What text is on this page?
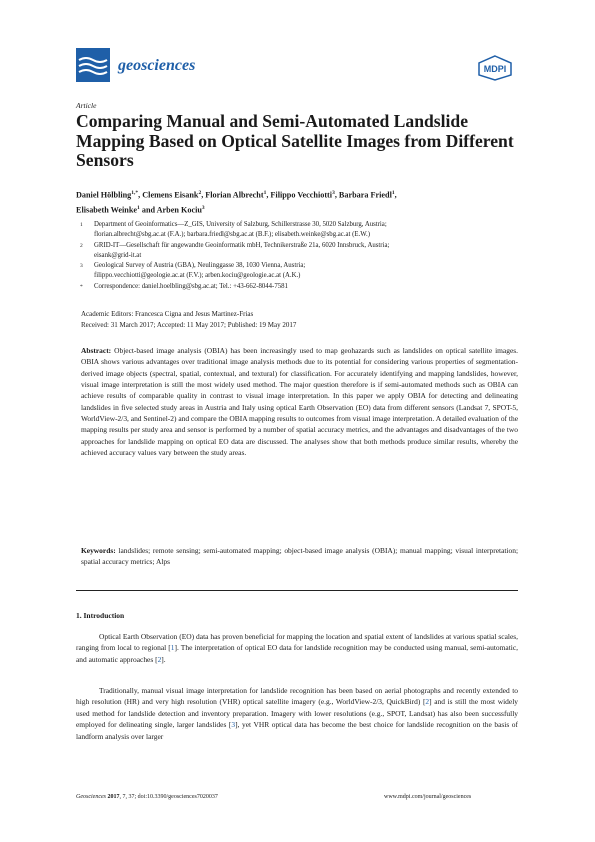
geosciences	MDPI
Article
Comparing Manual and Semi-Automated Landslide Mapping Based on Optical Satellite Images from Different Sensors
Daniel Hölbling$^{1,*}$, Clemens Eisank$^2$, Florian Albrecht$^1$, Filippo Vecchiotti$^3$, Barbara Friedl$^1$,
Elisabeth Weinke$^1$ and Arben Kociu$^3$
1 Department of Geoinformatics—Z_GIS, University of Salzburg, Schillerstrasse 30, 5020 Salzburg, Austria;
florian.albrecht@sbg.ac.at (F.A.); barbara.friedl@sbg.ac.at (B.F.); elisabeth.weinke@sbg.ac.at (E.W.)
2 GRID-IT—Gesellschaft für angewandte Geoinformatik mbH, Technikerstraße 21a, 6020 Innsbruck, Austria;
eisank@grid-it.at
3 Geological Survey of Austria (GBA), Neulinggasse 38, 1030 Vienna, Austria;
filippo.vecchiotti@geologie.ac.at (F.V.); arben.kociu@geologie.ac.at (A.K.)
* Correspondence: daniel.hoelbling@sbg.ac.at; Tel.: +43-662-8044-7581
Academic Editors: Francesca Cigna and Jesus Martinez-Frias
Received: 31 March 2017; Accepted: 11 May 2017; Published: 19 May 2017

Abstract: Object-based image analysis (OBIA) has been increasingly used to map geohazards such as landslides on optical satellite images. OBIA shows various advantages over traditional image analysis methods due to its potential for considering various properties of segmentation-derived image objects (spectral, spatial, contextual, and textural) for classification. For accurately identifying and mapping landslides, however, visual image interpretation is still the most widely used method. The major question therefore is if semi-automated methods such as OBIA can achieve results of comparable quality in contrast to visual image interpretation. In this paper we apply OBIA for detecting and delineating landslides in five selected study areas in Austria and Italy using optical Earth Observation (EO) data from different sensors (Landsat 7, SPOT-5, WorldView-2/3, and Sentinel-2) and compare the OBIA mapping results to outcomes from visual image interpretation. A detailed evaluation of the mapping results per study area and sensor is performed by a number of spatial accuracy metrics, and the advantages and disadvantages of the two approaches for landslide mapping on optical EO data are discussed. The analyses show that both methods produce similar results, whereby the achieved accuracy values vary between the study areas.

Keywords: landslides; remote sensing; semi-automated mapping; object-based image analysis (OBIA); manual mapping; visual interpretation; spatial accuracy metrics; Alps

1. Introduction

Optical Earth Observation (EO) data has proven beneficial for mapping the location and spatial extent of landslides at various spatial scales, ranging from local to regional [1]. The interpretation of optical EO data for landslide recognition may be conducted using manual, semi-automatic, and automatic approaches [2].

Traditionally, manual visual image interpretation for landslide recognition has been based on aerial photographs and recently extended to high resolution (HR) and very high resolution (VHR) optical satellite imagery (e.g., WorldView-2/3, QuickBird) [2] and is still the most widely used method for landslide detection and inventory preparation. Imagery with lower resolutions (e.g., SPOT, Landsat) has also been successfully employed for delineating single, larger landslides [3], yet VHR optical data has become the best choice for landslide recognition on the basis of landform analysis over larger

Geosciences 2017, 7, 37; doi:10.3390/geosciences7020037	www.mdpi.com/journal/geosciences
